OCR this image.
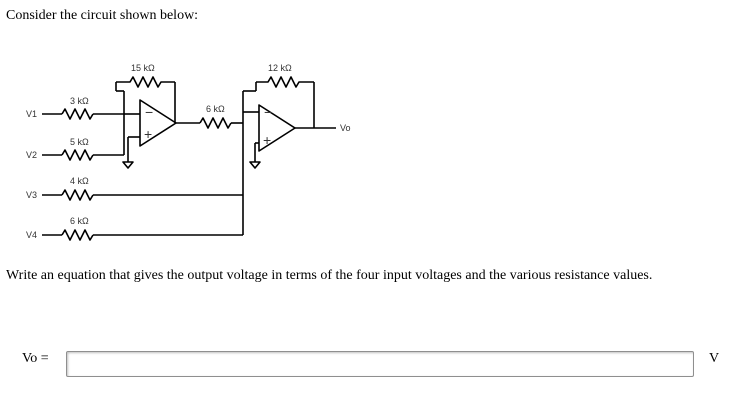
Consider the circuit shown below:
−
+
−
+
V1
V2
V3
V4
3 kΩ
5 kΩ
4 kΩ
6 kΩ
15 kΩ
6 kΩ
12 kΩ
Vo
Write an equation that gives the output voltage in terms of the four input voltages and the various resistance values.
Vo =	V
